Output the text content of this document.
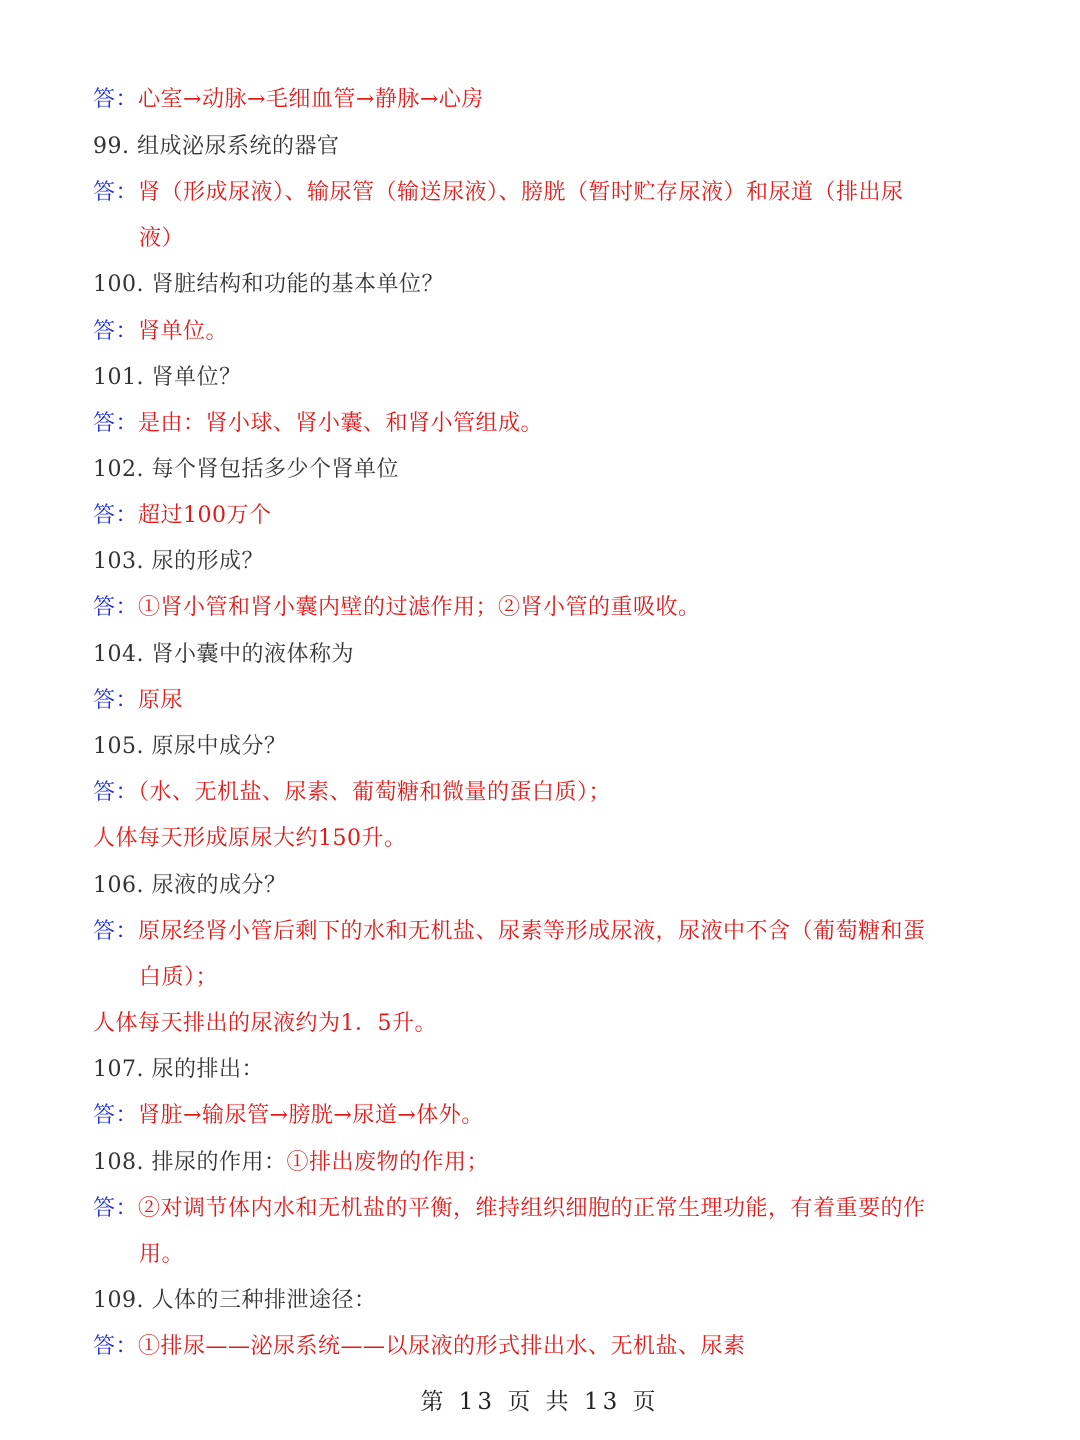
答：心室→动脉→毛细血管→静脉→心房
99. 组成泌尿系统的器官
答：肾（形成尿液）、输尿管（输送尿液）、膀胱（暂时贮存尿液）和尿道（排出尿
液）
100. 肾脏结构和功能的基本单位？
答：肾单位。
101. 肾单位？
答：是由：肾小球、肾小囊、和肾小管组成。
102. 每个肾包括多少个肾单位
答：超过100万个
103. 尿的形成？
答：①肾小管和肾小囊内壁的过滤作用；②肾小管的重吸收。
104. 肾小囊中的液体称为
答：原尿
105. 原尿中成分？
答：（水、无机盐、尿素、葡萄糖和微量的蛋白质）；
人体每天形成原尿大约150升。
106. 尿液的成分？
答：原尿经肾小管后剩下的水和无机盐、尿素等形成尿液，尿液中不含（葡萄糖和蛋
白质）；
人体每天排出的尿液约为1．5升。
107. 尿的排出：
答：肾脏→输尿管→膀胱→尿道→体外。
108. 排尿的作用：①排出废物的作用；
答：②对调节体内水和无机盐的平衡，维持组织细胞的正常生理功能，有着重要的作
用。
109. 人体的三种排泄途径：
答：①排尿——泌尿系统——以尿液的形式排出水、无机盐、尿素
第 13 页 共 13 页
